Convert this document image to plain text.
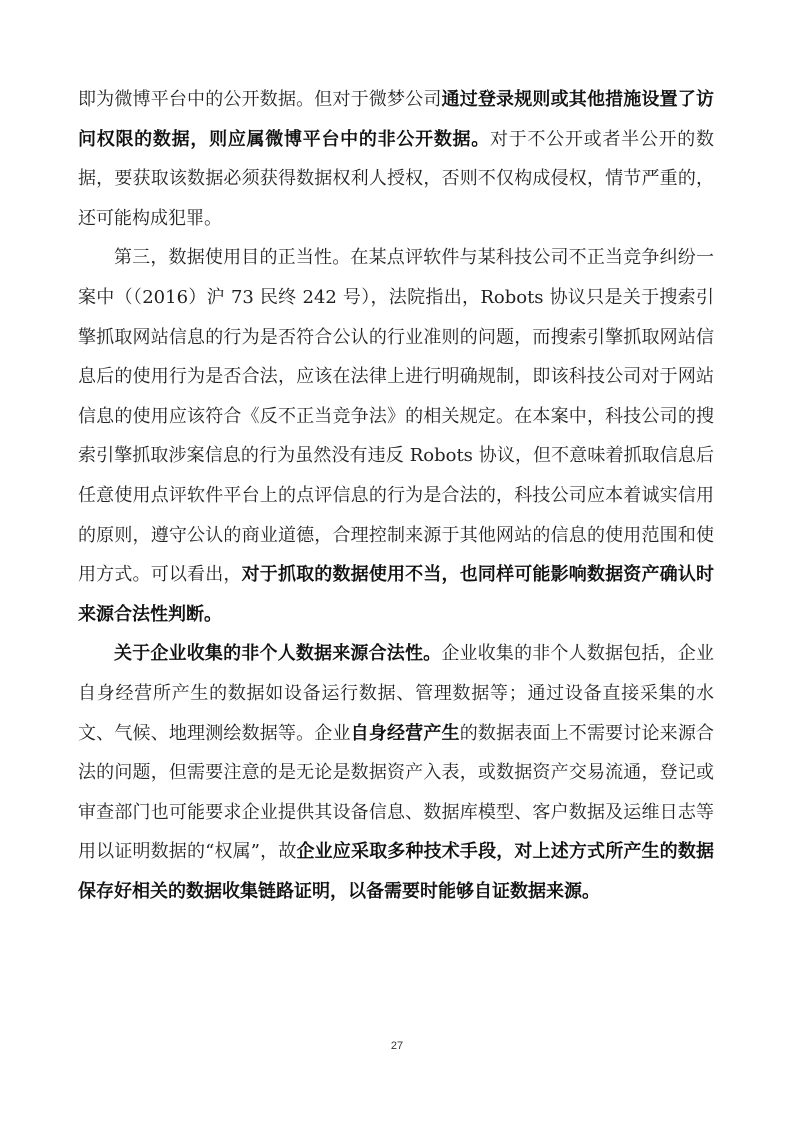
即为微博平台中的公开数据。但对于微梦公司通过登录规则或其他措施设置了访问权限的数据，则应属微博平台中的非公开数据。对于不公开或者半公开的数据，要获取该数据必须获得数据权利人授权，否则不仅构成侵权，情节严重的，还可能构成犯罪。

第三，数据使用目的正当性。在某点评软件与某科技公司不正当竞争纠纷一案中（（2016）沪 73 民终 242 号），法院指出，Robots 协议只是关于搜索引擎抓取网站信息的行为是否符合公认的行业准则的问题，而搜索引擎抓取网站信息后的使用行为是否合法，应该在法律上进行明确规制，即该科技公司对于网站信息的使用应该符合《反不正当竞争法》的相关规定。在本案中，科技公司的搜索引擎抓取涉案信息的行为虽然没有违反 Robots 协议，但不意味着抓取信息后任意使用点评软件平台上的点评信息的行为是合法的，科技公司应本着诚实信用的原则，遵守公认的商业道德，合理控制来源于其他网站的信息的使用范围和使用方式。可以看出，对于抓取的数据使用不当，也同样可能影响数据资产确认时来源合法性判断。

关于企业收集的非个人数据来源合法性。企业收集的非个人数据包括，企业自身经营所产生的数据如设备运行数据、管理数据等；通过设备直接采集的水文、气候、地理测绘数据等。企业自身经营产生的数据表面上不需要讨论来源合法的问题，但需要注意的是无论是数据资产入表，或数据资产交易流通，登记或审查部门也可能要求企业提供其设备信息、数据库模型、客户数据及运维日志等用以证明数据的“权属”，故企业应采取多种技术手段，对上述方式所产生的数据保存好相关的数据收集链路证明，以备需要时能够自证数据来源。

27
